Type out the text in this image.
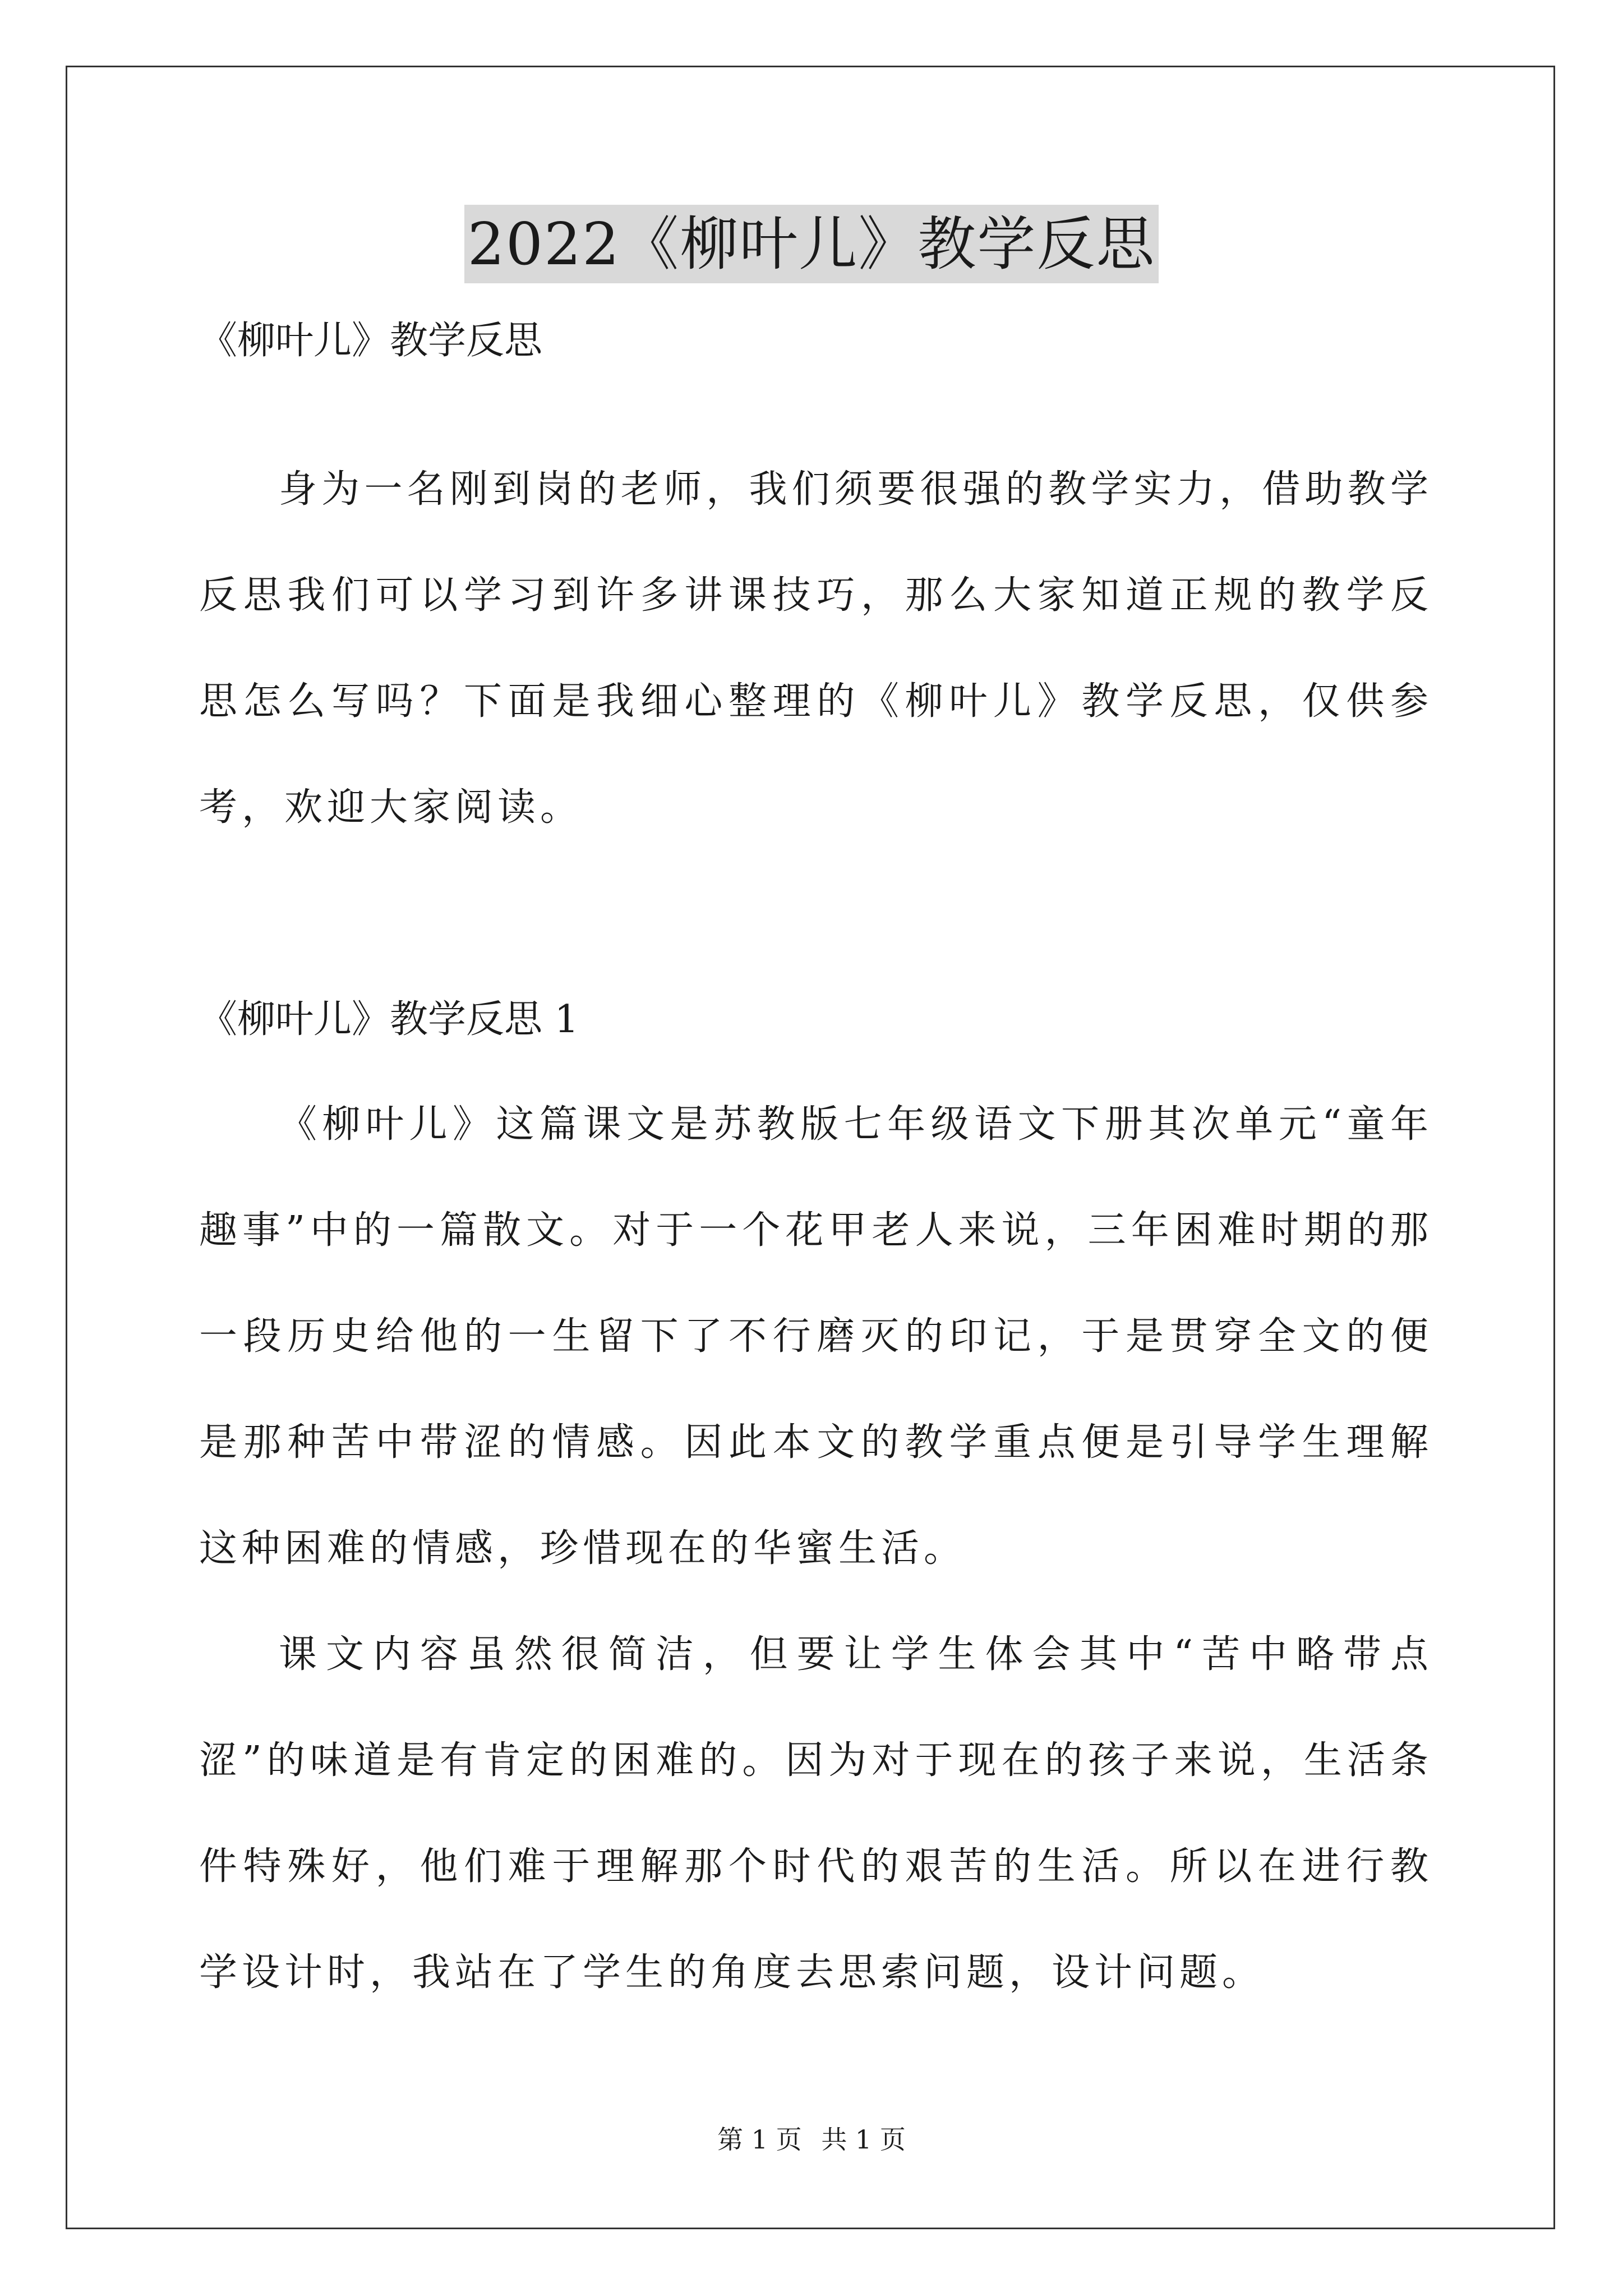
2022《柳叶儿》教学反思

《柳叶儿》教学反思

身为一名刚到岗的老师，我们须要很强的教学实力，借助教学反思我们可以学习到许多讲课技巧，那么大家知道正规的教学反思怎么写吗？下面是我细心整理的《柳叶儿》教学反思，仅供参考，欢迎大家阅读。

《柳叶儿》教学反思 1

《柳叶儿》这篇课文是苏教版七年级语文下册其次单元“童年趣事”中的一篇散文。对于一个花甲老人来说，三年困难时期的那一段历史给他的一生留下了不行磨灭的印记，于是贯穿全文的便是那种苦中带涩的情感。因此本文的教学重点便是引导学生理解这种困难的情感，珍惜现在的华蜜生活。

课文内容虽然很简洁，但要让学生体会其中“苦中略带点涩”的味道是有肯定的困难的。因为对于现在的孩子来说，生活条件特殊好，他们难于理解那个时代的艰苦的生活。所以在进行教学设计时，我站在了学生的角度去思索问题，设计问题。

第 1 页 共 1 页
